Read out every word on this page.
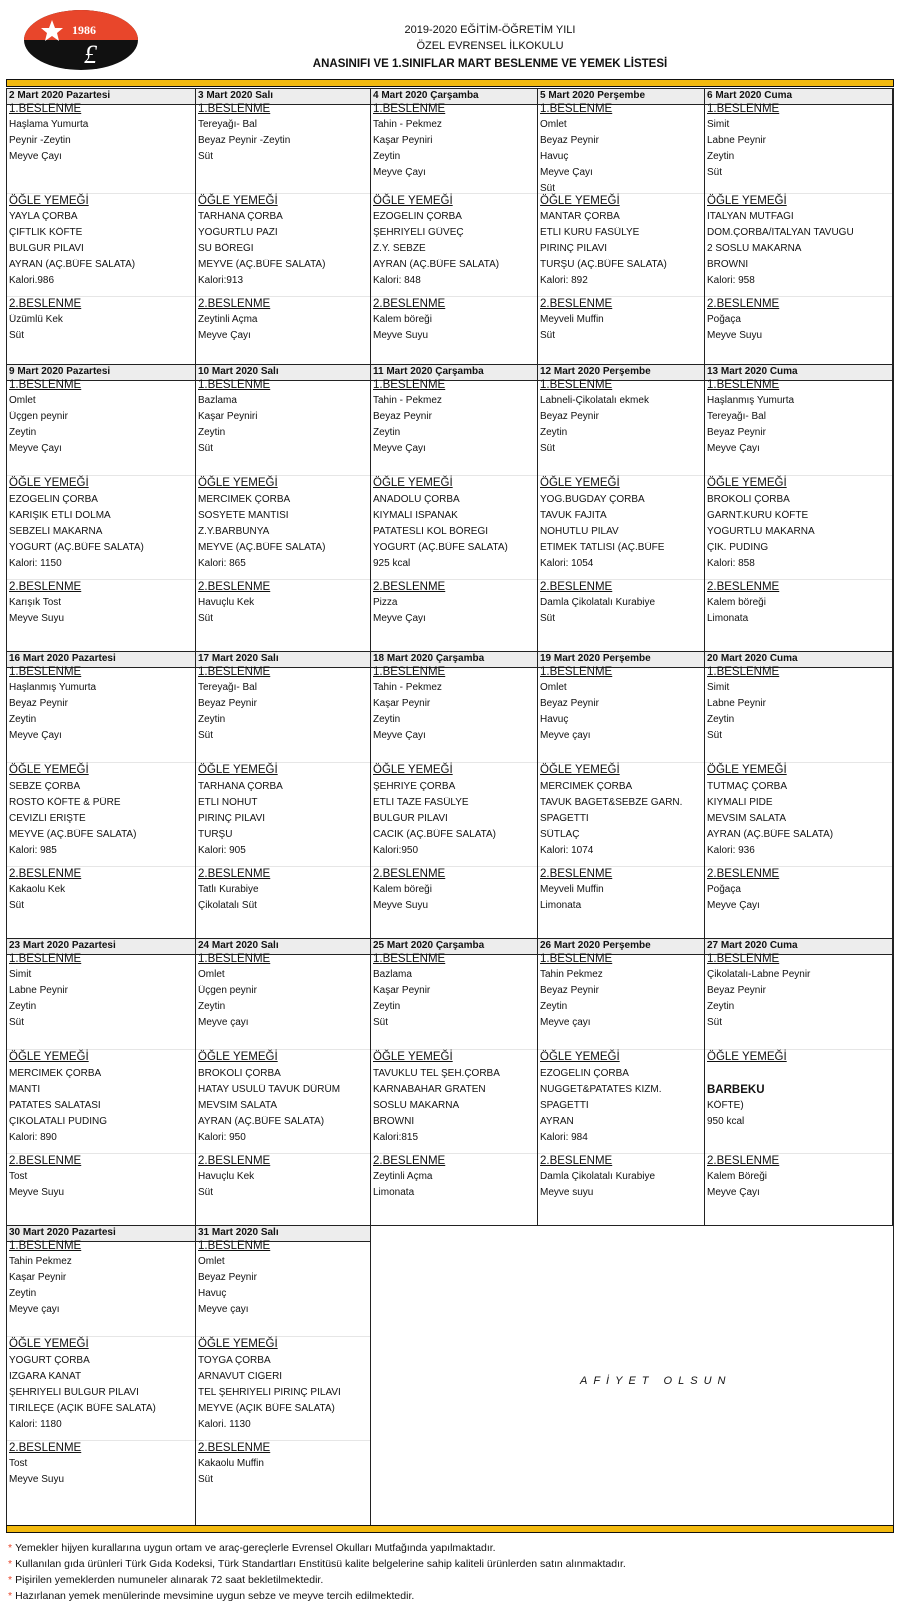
1986
£
2019-2020 EĞİTİM-ÖĞRETİM YILI
ÖZEL EVRENSEL İLKOKULU
ANASINIFI VE 1.SINIFLAR MART BESLENME VE YEMEK LİSTESİ
2 Mart 2020 Pazartesi
1.BESLENME
Haşlama Yumurta
Peynir -Zeytin
Meyve Çayı
ÖĞLE YEMEĞİ
YAYLA ÇORBA
ÇİFTLİK KÖFTE
BULGUR PİLAVI
AYRAN (AÇ.BÜFE SALATA)
Kalori.986
2.BESLENME
Üzümlü Kek
Süt
3 Mart 2020 Salı
1.BESLENME
Tereyağı- Bal
Beyaz Peynir -Zeytin
Süt
ÖĞLE YEMEĞİ
TARHANA ÇORBA
YOĞURTLU PAZI
SU BÖREĞİ
MEYVE (AÇ.BÜFE SALATA)
Kalori:913
2.BESLENME
Zeytinli Açma
Meyve Çayı
4 Mart 2020 Çarşamba
1.BESLENME
Tahin - Pekmez
Kaşar Peyniri
Zeytin
Meyve Çayı
ÖĞLE YEMEĞİ
EZOGELİN ÇORBA
ŞEHRİYELİ GÜVEÇ
Z.Y. SEBZE
AYRAN (AÇ.BÜFE SALATA)
Kalori: 848
2.BESLENME
Kalem böreği
Meyve Suyu
5 Mart 2020 Perşembe
1.BESLENME
Omlet
Beyaz Peynir
Havuç
Meyve Çayı
Süt
ÖĞLE YEMEĞİ
MANTAR ÇORBA
ETLİ KURU FASÜLYE
PİRİNÇ PİLAVI
TURŞU (AÇ.BÜFE SALATA)
Kalori: 892
2.BESLENME
Meyveli Muffin
Süt
6 Mart 2020 Cuma
1.BESLENME
Simit
Labne Peynir
Zeytin
Süt
ÖĞLE YEMEĞİ
İTALYAN MUTFAĞI
DOM.ÇORBA/İTALYAN TAVUĞU
2 SOSLU MAKARNA
BROWNİ
Kalori: 958
2.BESLENME
Poğaça
Meyve Suyu
9 Mart 2020 Pazartesi
1.BESLENME
Omlet
Üçgen peynir
Zeytin
Meyve Çayı
ÖĞLE YEMEĞİ
EZOGELİN ÇORBA
KARIŞIK ETLİ DOLMA
SEBZELİ MAKARNA
YOĞURT (AÇ.BÜFE SALATA)
Kalori: 1150
2.BESLENME
Karışık Tost
Meyve Suyu
10 Mart 2020 Salı
1.BESLENME
Bazlama
Kaşar Peyniri
Zeytin
Süt
ÖĞLE YEMEĞİ
MERCİMEK ÇORBA
SOSYETE MANTISI
Z.Y.BARBUNYA
MEYVE (AÇ.BÜFE SALATA)
Kalori: 865
2.BESLENME
Havuçlu Kek
Süt
11 Mart 2020 Çarşamba
1.BESLENME
Tahin - Pekmez
Beyaz Peynir
Zeytin
Meyve Çayı
ÖĞLE YEMEĞİ
ANADOLU ÇORBA
KIYMALI ISPANAK
PATATESLİ KOL BÖREĞİ
YOĞURT (AÇ.BÜFE SALATA)
925 kcal
2.BESLENME
Pizza
Meyve Çayı
12 Mart 2020 Perşembe
1.BESLENME
Labneli-Çikolatalı ekmek
Beyaz Peynir
Zeytin
Süt
ÖĞLE YEMEĞİ
YOĞ.BUĞDAY ÇORBA
TAVUK FAJİTA
NOHUTLU PİLAV
ETİMEK TATLISI (AÇ.BÜFE
Kalori: 1054
2.BESLENME
Damla Çikolatalı Kurabiye
Süt
13 Mart 2020 Cuma
1.BESLENME
Haşlanmış Yumurta
Tereyağı- Bal
Beyaz Peynir
Meyve Çayı
ÖĞLE YEMEĞİ
BROKOLİ ÇORBA
GARNT.KURU KÖFTE
YOĞURTLU MAKARNA
ÇİK. PUDİNG
Kalori: 858
2.BESLENME
Kalem böreği
Limonata
16 Mart 2020 Pazartesi
1.BESLENME
Haşlanmış Yumurta
Beyaz Peynir
Zeytin
Meyve Çayı
ÖĞLE YEMEĞİ
SEBZE ÇORBA
ROSTO KÖFTE & PÜRE
CEVİZLİ ERİŞTE
MEYVE (AÇ.BÜFE SALATA)
Kalori: 985
2.BESLENME
Kakaolu Kek
Süt
17 Mart 2020 Salı
1.BESLENME
Tereyağı- Bal
Beyaz Peynir
Zeytin
Süt
ÖĞLE YEMEĞİ
TARHANA ÇORBA
ETLİ NOHUT
PİRİNÇ PİLAVI
TURŞU
Kalori: 905
2.BESLENME
Tatlı Kurabiye
Çikolatalı Süt
18 Mart 2020 Çarşamba
1.BESLENME
Tahin - Pekmez
Kaşar Peynir
Zeytin
Meyve Çayı
ÖĞLE YEMEĞİ
ŞEHRİYE ÇORBA
ETLİ TAZE FASÜLYE
BULGUR PİLAVI
CACIK (AÇ.BÜFE SALATA)
Kalori:950
2.BESLENME
Kalem böreği
Meyve Suyu
19 Mart 2020 Perşembe
1.BESLENME
Omlet
Beyaz Peynir
Havuç
Meyve çayı
ÖĞLE YEMEĞİ
MERCİMEK ÇORBA
TAVUK BAGET&SEBZE GARN.
SPAGETTİ
SÜTLAÇ
Kalori: 1074
2.BESLENME
Meyveli Muffin
Limonata
20 Mart 2020 Cuma
1.BESLENME
Simit
Labne Peynir
Zeytin
Süt
ÖĞLE YEMEĞİ
TUTMAÇ ÇORBA
KIYMALI PİDE
MEVSİM SALATA
AYRAN (AÇ.BÜFE SALATA)
Kalori: 936
2.BESLENME
Poğaça
Meyve Çayı
23 Mart 2020 Pazartesi
1.BESLENME
Simit
Labne Peynir
Zeytin
Süt
ÖĞLE YEMEĞİ
MERCİMEK ÇORBA
MANTI
PATATES SALATASI
ÇİKOLATALI PUDİNG
Kalori: 890
2.BESLENME
Tost
Meyve Suyu
24 Mart 2020 Salı
1.BESLENME
Omlet
Üçgen peynir
Zeytin
Meyve çayı
ÖĞLE YEMEĞİ
BROKOLİ ÇORBA
HATAY USULÜ TAVUK DÜRÜM
MEVSİM SALATA
AYRAN (AÇ.BÜFE SALATA)
Kalori: 950
2.BESLENME
Havuçlu Kek
Süt
25 Mart 2020 Çarşamba
1.BESLENME
Bazlama
Kaşar Peynir
Zeytin
Süt
ÖĞLE YEMEĞİ
TAVUKLU TEL ŞEH.ÇORBA
KARNABAHAR GRATEN
SOSLU MAKARNA
BROWNI
Kalori:815
2.BESLENME
Zeytinli Açma
Limonata
26 Mart 2020 Perşembe
1.BESLENME
Tahin Pekmez
Beyaz Peynir
Zeytin
Meyve çayı
ÖĞLE YEMEĞİ
EZOGELİN ÇORBA
NUGGET&PATATES KIZM.
SPAGETTİ
AYRAN
Kalori: 984
2.BESLENME
Damla Çikolatalı Kurabiye
Meyve suyu
27 Mart 2020 Cuma
1.BESLENME
Çikolatalı-Labne Peynir
Beyaz Peynir
Zeytin
Süt
ÖĞLE YEMEĞİ
BARBEKÜ
KÖFTE)
950 kcal
2.BESLENME
Kalem Böreği
Meyve Çayı
30 Mart 2020 Pazartesi
1.BESLENME
Tahin Pekmez
Kaşar Peynir
Zeytin
Meyve çayı
ÖĞLE YEMEĞİ
YOĞURT ÇORBA
IZGARA KANAT
ŞEHRİYELİ BULGUR PİLAVI
TİRİLEÇE (AÇIK BÜFE SALATA)
Kalori: 1180
2.BESLENME
Tost
Meyve Suyu
31 Mart 2020 Salı
1.BESLENME
Omlet
Beyaz Peynir
Havuç
Meyve çayı
ÖĞLE YEMEĞİ
TOYGA ÇORBA
ARNAVUT CİĞERİ
TEL ŞEHRİYELİ PİRİNÇ PİLAVI
MEYVE (AÇIK BÜFE SALATA)
Kalori. 1130
2.BESLENME
Kakaolu Muffin
Süt
AFİYET OLSUN
* Yemekler hijyen kurallarına uygun ortam ve araç-gereçlerle Evrensel Okulları Mutfağında yapılmaktadır.
* Kullanılan gıda ürünleri Türk Gıda Kodeksi, Türk Standartları Enstitüsü kalite belgelerine sahip kaliteli ürünlerden satın alınmaktadır.
* Pişirilen yemeklerden numuneler alınarak 72 saat bekletilmektedir.
* Hazırlanan yemek menülerinde mevsimine uygun sebze ve meyve tercih edilmektedir.
